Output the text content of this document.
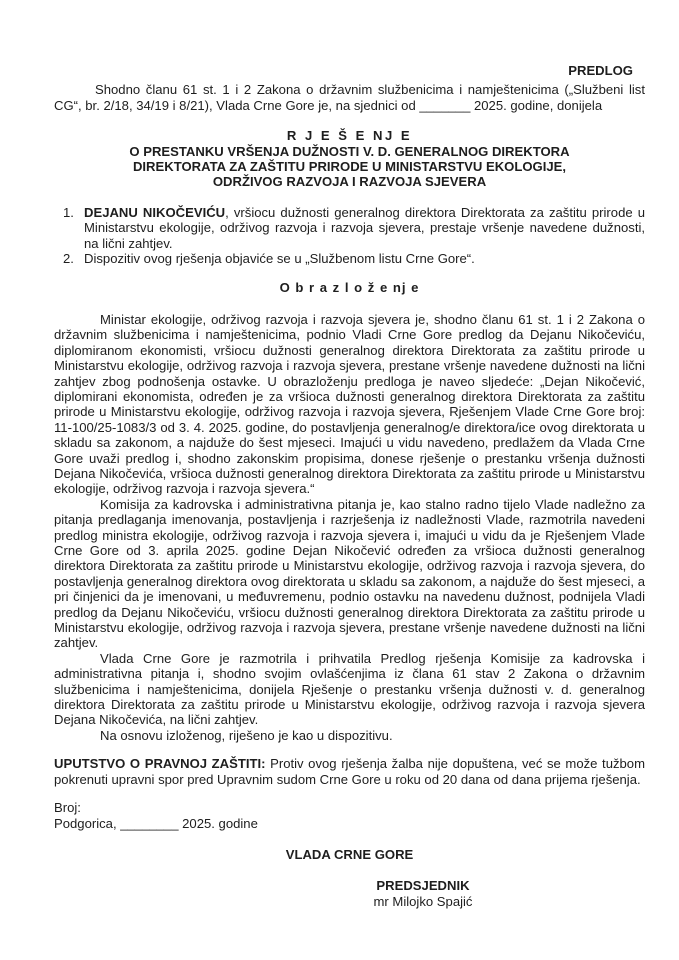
PREDLOG

Shodno članu 61 st. 1 i 2 Zakona o državnim službenicima i namještenicima („Službeni list CG“, br. 2/18, 34/19 i 8/21), Vlada Crne Gore je, na sjednici od _______ 2025. godine, donijela

R J E Š E NJ E
O PRESTANKU VRŠENJA DUŽNOSTI V. D. GENERALNOG DIREKTORA
DIREKTORATA ZA ZAŠTITU PRIRODE U MINISTARSTVU EKOLOGIJE,
ODRŽIVOG RAZVOJA I RAZVOJA SJEVERA
1. DEJANU NIKOČEVIĆU, vršiocu dužnosti generalnog direktora Direktorata za zaštitu prirode u Ministarstvu ekologije, održivog razvoja i razvoja sjevera, prestaje vršenje navedene dužnosti, na lični zahtjev.
2. Dispozitiv ovog rješenja objaviće se u „Službenom listu Crne Gore“.
O b r a z l o ž e nj e

Ministar ekologije, održivog razvoja i razvoja sjevera je, shodno članu 61 st. 1 i 2 Zakona o državnim službenicima i namještenicima, podnio Vladi Crne Gore predlog da Dejanu Nikočeviću, diplomiranom ekonomisti, vršiocu dužnosti generalnog direktora Direktorata za zaštitu prirode u Ministarstvu ekologije, održivog razvoja i razvoja sjevera, prestane vršenje navedene dužnosti na lični zahtjev zbog podnošenja ostavke. U obrazloženju predloga je naveo sljedeće: „Dejan Nikočević, diplomirani ekonomista, određen je za vršioca dužnosti generalnog direktora Direktorata za zaštitu prirode u Ministarstvu ekologije, održivog razvoja i razvoja sjevera, Rješenjem Vlade Crne Gore broj: 11-100/25-1083/3 od 3. 4. 2025. godine, do postavljenja generalnog/e direktora/ice ovog direktorata u skladu sa zakonom, a najduže do šest mjeseci. Imajući u vidu navedeno, predlažem da Vlada Crne Gore uvaži predlog i, shodno zakonskim propisima, donese rješenje o prestanku vršenja dužnosti Dejana Nikočevića, vršioca dužnosti generalnog direktora Direktorata za zaštitu prirode u Ministarstvu ekologije, održivog razvoja i razvoja sjevera.“

Komisija za kadrovska i administrativna pitanja je, kao stalno radno tijelo Vlade nadležno za pitanja predlaganja imenovanja, postavljenja i razrješenja iz nadležnosti Vlade, razmotrila navedeni predlog ministra ekologije, održivog razvoja i razvoja sjevera i, imajući u vidu da je Rješenjem Vlade Crne Gore od 3. aprila 2025. godine Dejan Nikočević određen za vršioca dužnosti generalnog direktora Direktorata za zaštitu prirode u Ministarstvu ekologije, održivog razvoja i razvoja sjevera, do postavljenja generalnog direktora ovog direktorata u skladu sa zakonom, a najduže do šest mjeseci, a pri činjenici da je imenovani, u međuvremenu, podnio ostavku na navedenu dužnost, podnijela Vladi predlog da Dejanu Nikočeviću, vršiocu dužnosti generalnog direktora Direktorata za zaštitu prirode u Ministarstvu ekologije, održivog razvoja i razvoja sjevera, prestane vršenje navedene dužnosti na lični zahtjev.

Vlada Crne Gore je razmotrila i prihvatila Predlog rješenja Komisije za kadrovska i administrativna pitanja i, shodno svojim ovlašćenjima iz člana 61 stav 2 Zakona o državnim službenicima i namještenicima, donijela Rješenje o prestanku vršenja dužnosti v. d. generalnog direktora Direktorata za zaštitu prirode u Ministarstvu ekologije, održivog razvoja i razvoja sjevera Dejana Nikočevića, na lični zahtjev.

Na osnovu izloženog, riješeno je kao u dispozitivu.

UPUTSTVO O PRAVNOJ ZAŠTITI: Protiv ovog rješenja žalba nije dopuštena, već se može tužbom pokrenuti upravni spor pred Upravnim sudom Crne Gore u roku od 20 dana od dana prijema rješenja.

Broj:
Podgorica, ________ 2025. godine
VLADA CRNE GORE
PREDSJEDNIK
mr Milojko Spajić
